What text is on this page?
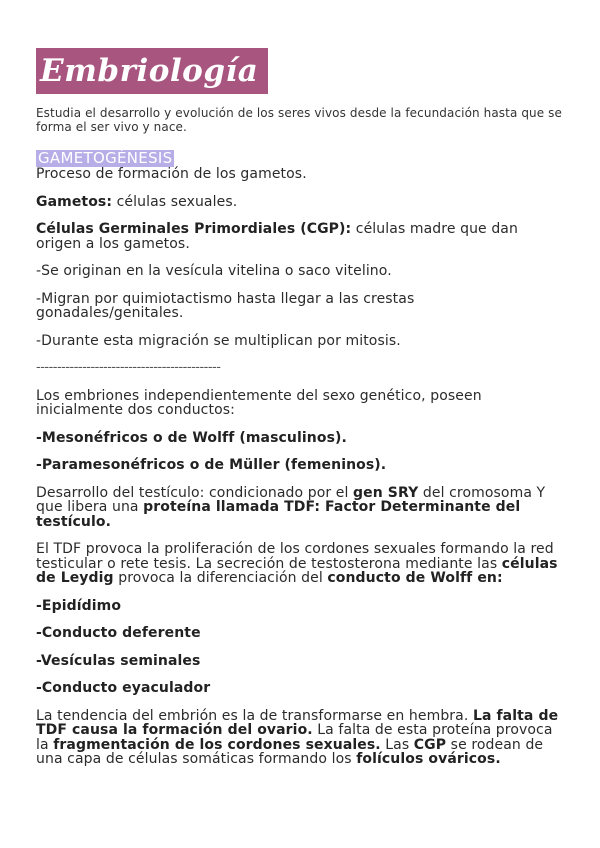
Embriología

Estudia el desarrollo y evolución de los seres vivos desde la fecundación hasta que se forma el ser vivo y nace.

GAMETOGÉNESIS

Proceso de formación de los gametos.

Gametos: células sexuales.

Células Germinales Primordiales (CGP): células madre que dan origen a los gametos.

-Se originan en la vesícula vitelina o saco vitelino.

-Migran por quimiotactismo hasta llegar a las crestas gonadales/genitales.

-Durante esta migración se multiplican por mitosis.

--------------------------------------------

Los embriones independientemente del sexo genético, poseen inicialmente dos conductos:

-Mesonéfricos o de Wolff (masculinos).

-Paramesonéfricos o de Müller (femeninos).

Desarrollo del testículo: condicionado por el gen SRY del cromosoma Y que libera una proteína llamada TDF: Factor Determinante del testículo.

El TDF provoca la proliferación de los cordones sexuales formando la red testicular o rete tesis. La secreción de testosterona mediante las células de Leydig provoca la diferenciación del conducto de Wolff en:

-Epidídimo

-Conducto deferente

-Vesículas seminales

-Conducto eyaculador

La tendencia del embrión es la de transformarse en hembra. La falta de TDF causa la formación del ovario. La falta de esta proteína provoca la fragmentación de los cordones sexuales. Las CGP se rodean de una capa de células somáticas formando los folículos ováricos.
